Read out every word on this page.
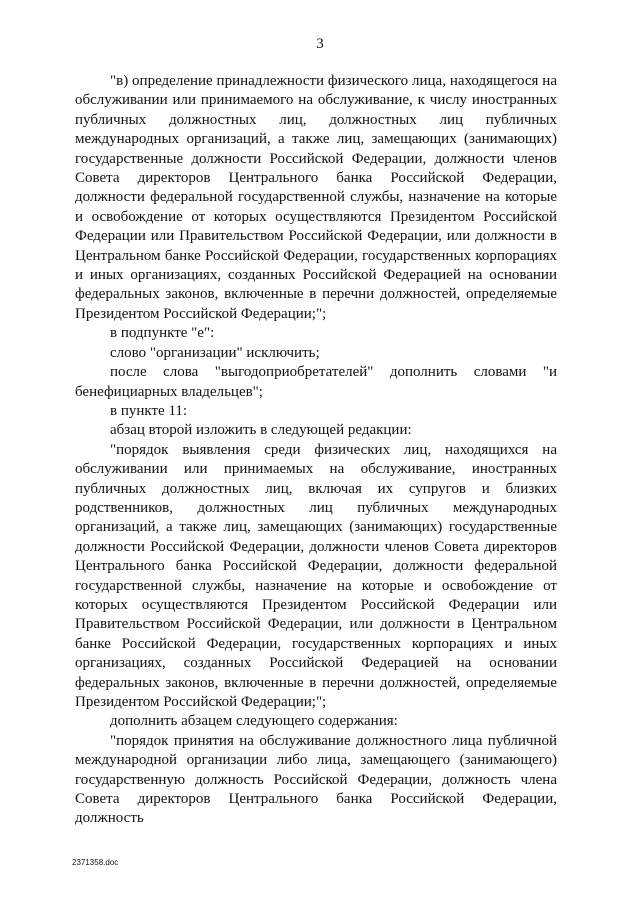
3

"в) определение принадлежности физического лица, находящегося на обслуживании или принимаемого на обслуживание, к числу иностранных публичных должностных лиц, должностных лиц публичных международных организаций, а также лиц, замещающих (занимающих) государственные должности Российской Федерации, должности членов Совета директоров Центрального банка Российской Федерации, должности федеральной государственной службы, назначение на которые и освобождение от которых осуществляются Президентом Российской Федерации или Правительством Российской Федерации, или должности в Центральном банке Российской Федерации, государственных корпорациях и иных организациях, созданных Российской Федерацией на основании федеральных законов, включенные в перечни должностей, определяемые Президентом Российской Федерации;";

в подпункте "е":

слово "организации" исключить;

после слова "выгодоприобретателей" дополнить словами "и бенефициарных владельцев";

в пункте 11:

абзац второй изложить в следующей редакции:

"порядок выявления среди физических лиц, находящихся на обслуживании или принимаемых на обслуживание, иностранных публичных должностных лиц, включая их супругов и близких родственников, должностных лиц публичных международных организаций, а также лиц, замещающих (занимающих) государственные должности Российской Федерации, должности членов Совета директоров Центрального банка Российской Федерации, должности федеральной государственной службы, назначение на которые и освобождение от которых осуществляются Президентом Российской Федерации или Правительством Российской Федерации, или должности в Центральном банке Российской Федерации, государственных корпорациях и иных организациях, созданных Российской Федерацией на основании федеральных законов, включенные в перечни должностей, определяемые Президентом Российской Федерации;";

дополнить абзацем следующего содержания:

"порядок принятия на обслуживание должностного лица публичной международной организации либо лица, замещающего (занимающего) государственную должность Российской Федерации, должность члена Совета директоров Центрального банка Российской Федерации, должность

2371358.doc
